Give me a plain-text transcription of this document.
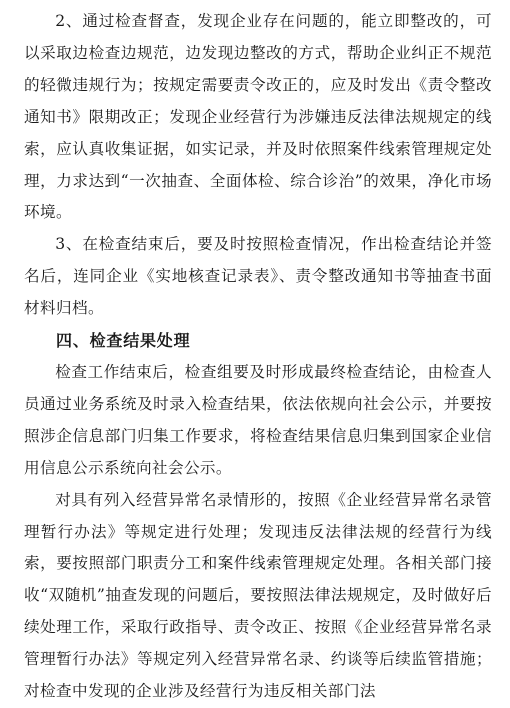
2、通过检查督查，发现企业存在问题的，能立即整改的，可以采取边检查边规范，边发现边整改的方式，帮助企业纠正不规范的轻微违规行为；按规定需要责令改正的，应及时发出《责令整改通知书》限期改正；发现企业经营行为涉嫌违反法律法规规定的线索，应认真收集证据，如实记录，并及时依照案件线索管理规定处理，力求达到“一次抽查、全面体检、综合诊治”的效果，净化市场环境。

3、在检查结束后，要及时按照检查情况，作出检查结论并签名后，连同企业《实地核查记录表》、责令整改通知书等抽查书面材料归档。

四、检查结果处理

检查工作结束后，检查组要及时形成最终检查结论，由检查人员通过业务系统及时录入检查结果，依法依规向社会公示，并要按照涉企信息部门归集工作要求，将检查结果信息归集到国家企业信用信息公示系统向社会公示。

对具有列入经营异常名录情形的，按照《企业经营异常名录管理暂行办法》等规定进行处理；发现违反法律法规的经营行为线索，要按照部门职责分工和案件线索管理规定处理。各相关部门接收“双随机”抽查发现的问题后，要按照法律法规规定，及时做好后续处理工作，采取行政指导、责令改正、按照《企业经营异常名录管理暂行办法》等规定列入经营异常名录、约谈等后续监管措施；对检查中发现的企业涉及经营行为违反相关部门法
